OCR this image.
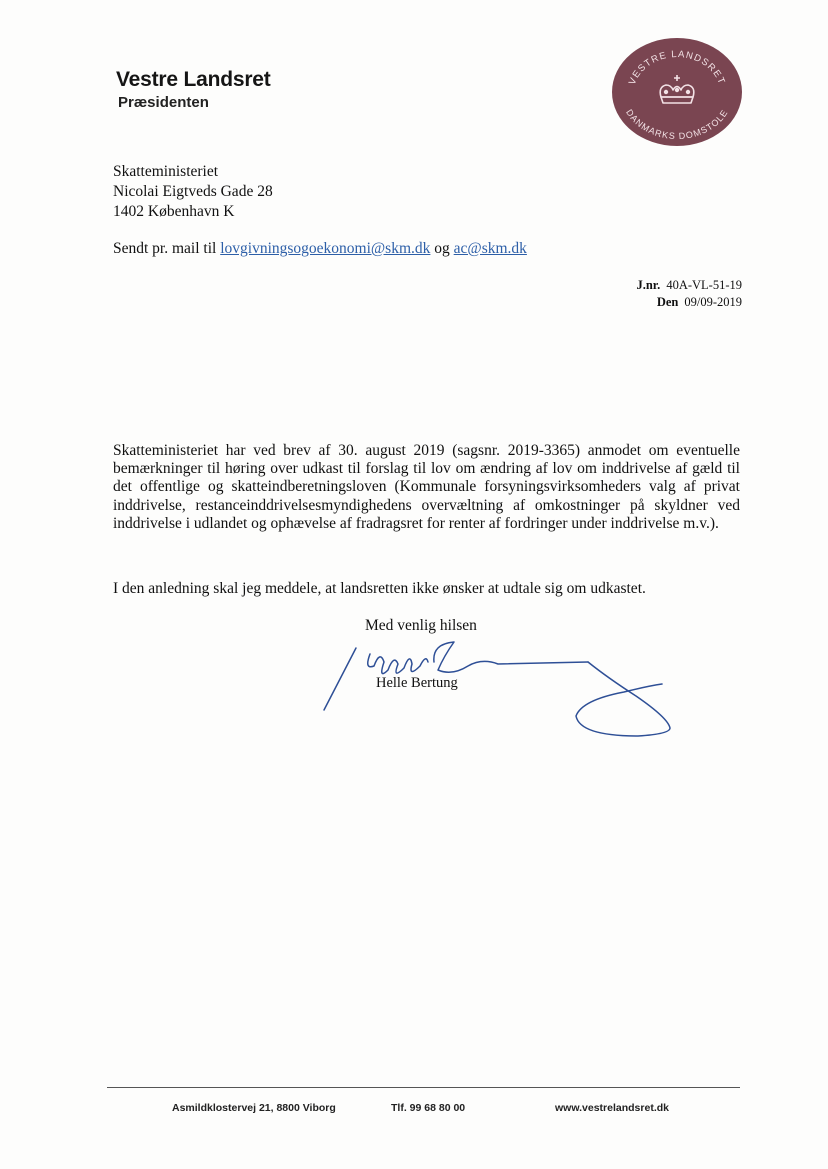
Vestre Landsret
Præsidenten
VESTRE LANDSRET
DANMARKS DOMSTOLE
Skatteministeriet
Nicolai Eigtveds Gade 28
1402 København K
Sendt pr. mail til lovgivningsogoekonomi@skm.dk og ac@skm.dk
J.nr. 40A-VL-51-19
Den 09/09-2019
Skatteministeriet har ved brev af 30. august 2019 (sagsnr. 2019-3365) anmodet om eventuelle bemærkninger til høring over udkast til forslag til lov om ændring af lov om inddrivelse af gæld til det offentlige og skatteindberetningsloven (Kommunale forsyningsvirksomheders valg af privat inddrivelse, restanceinddrivelsesmyndighedens overvæltning af omkostninger på skyldner ved inddrivelse i udlandet og ophævelse af fradragsret for renter af fordringer under inddrivelse m.v.).
I den anledning skal jeg meddele, at landsretten ikke ønsker at udtale sig om udkastet.
Med venlig hilsen
Helle Bertung
Asmildklostervej 21, 8800 Viborg	Tlf. 99 68 80 00	www.vestrelandsret.dk
